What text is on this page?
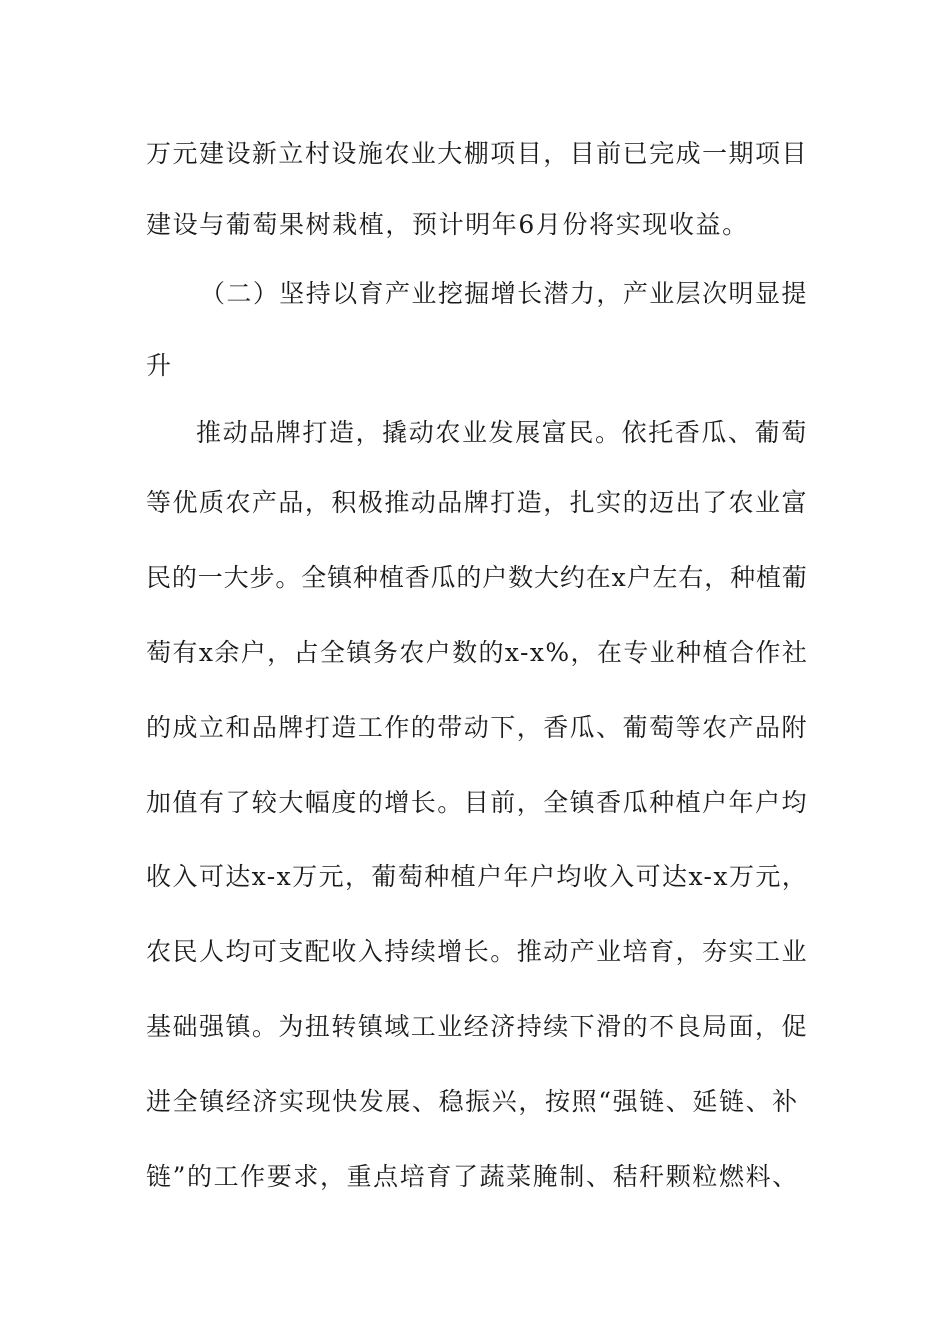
万元建设新立村设施农业大棚项目，目前已完成一期项目
建设与葡萄果树栽植，预计明年6月份将实现收益。
（二）坚持以育产业挖掘增长潜力，产业层次明显提
升
推动品牌打造，撬动农业发展富民。依托香瓜、葡萄
等优质农产品，积极推动品牌打造，扎实的迈出了农业富
民的一大步。全镇种植香瓜的户数大约在x户左右，种植葡
萄有x余户，占全镇务农户数的x-x%，在专业种植合作社
的成立和品牌打造工作的带动下，香瓜、葡萄等农产品附
加值有了较大幅度的增长。目前，全镇香瓜种植户年户均
收入可达x-x万元，葡萄种植户年户均收入可达x-x万元，
农民人均可支配收入持续增长。推动产业培育，夯实工业
基础强镇。为扭转镇域工业经济持续下滑的不良局面，促
进全镇经济实现快发展、稳振兴，按照“强链、延链、补
链”的工作要求，重点培育了蔬菜腌制、秸秆颗粒燃料、
